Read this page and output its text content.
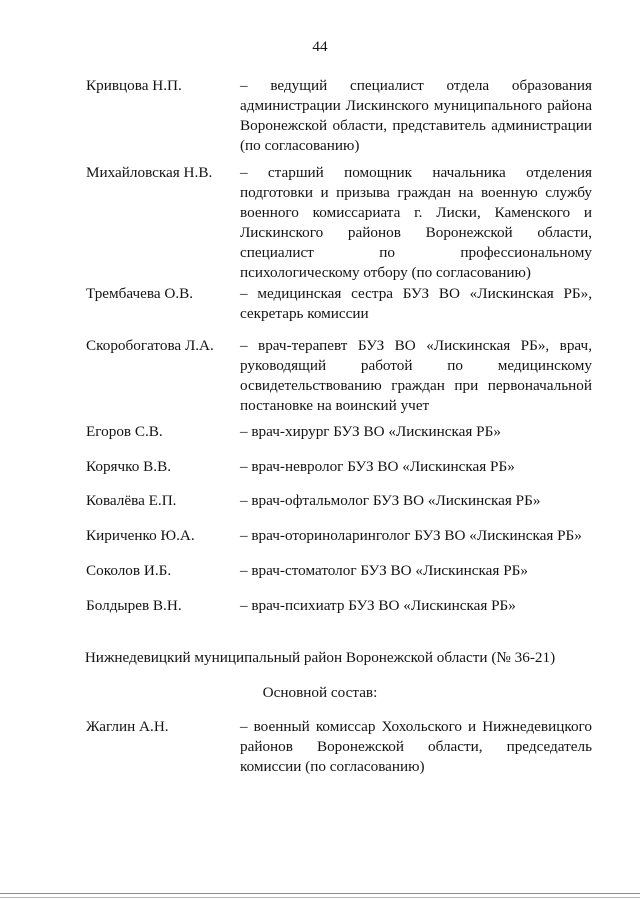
44
Кривцова Н.П.	– ведущий специалист отдела образования администрации Лискинского муниципального района Воронежской области, представитель администрации (по согласованию)
Михайловская Н.В.	– старший помощник начальника отделения подготовки и призыва граждан на военную службу военного комиссариата г. Лиски, Каменского и Лискинского районов Воронежской области, специалист по профессиональному психологическому отбору (по согласованию)
Трембачева О.В.	– медицинская сестра БУЗ ВО «Лискинская РБ», секретарь комиссии
Скоробогатова Л.А.	– врач-терапевт БУЗ ВО «Лискинская РБ», врач, руководящий работой по медицинскому освидетельствованию граждан при первоначальной постановке на воинский учет
Егоров С.В.	– врач-хирург БУЗ ВО «Лискинская РБ»
Корячко В.В.	– врач-невролог БУЗ ВО «Лискинская РБ»
Ковалёва Е.П.	– врач-офтальмолог БУЗ ВО «Лискинская РБ»
Кириченко Ю.А.	– врач-оториноларинголог БУЗ ВО «Лискинская РБ»
Соколов И.Б.	– врач-стоматолог БУЗ ВО «Лискинская РБ»
Болдырев В.Н.	– врач-психиатр БУЗ ВО «Лискинская РБ»
Нижнедевицкий муниципальный район Воронежской области (№ 36-21)
Основной состав:
Жаглин А.Н.	– военный комиссар Хохольского и Нижнедевицкого районов Воронежской области, председатель комиссии (по согласованию)
